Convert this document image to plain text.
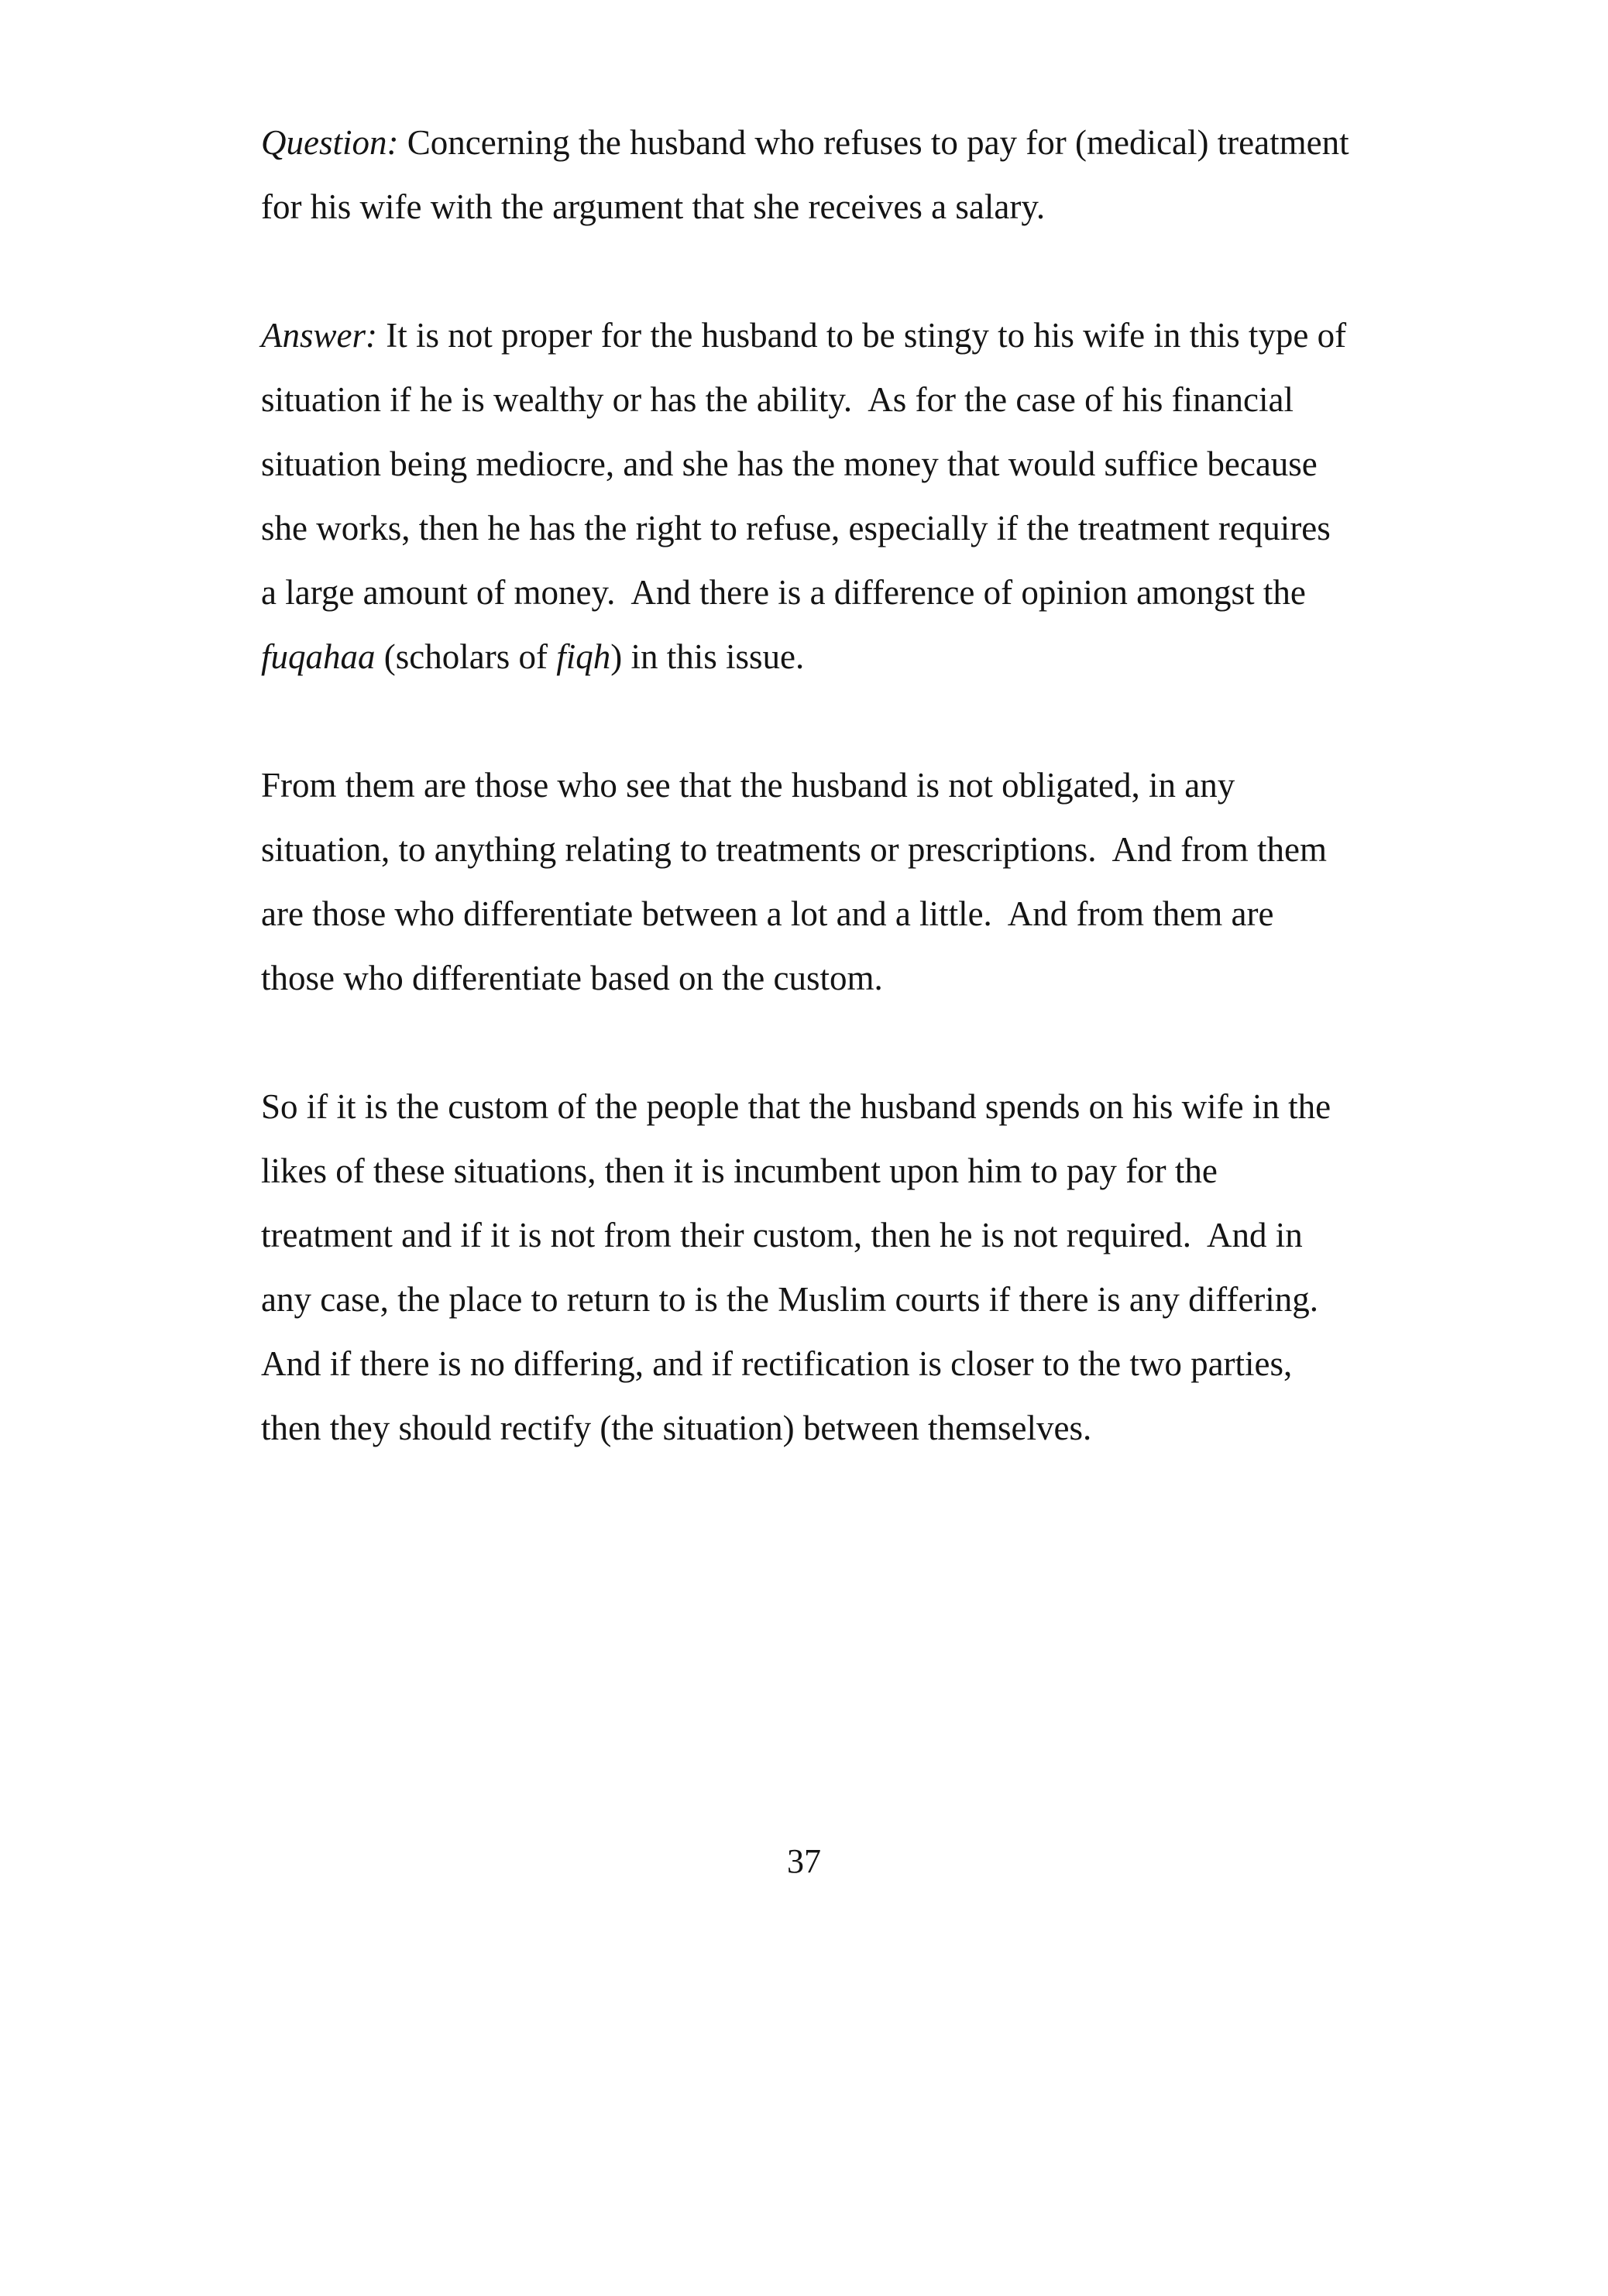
Question: Concerning the husband who refuses to pay for (medical) treatment for his wife with the argument that she receives a salary.

Answer: It is not proper for the husband to be stingy to his wife in this type of situation if he is wealthy or has the ability.  As for the case of his financial situation being mediocre, and she has the money that would suffice because she works, then he has the right to refuse, especially if the treatment requires a large amount of money.  And there is a difference of opinion amongst the fuqahaa (scholars of fiqh) in this issue.

From them are those who see that the husband is not obligated, in any situation, to anything relating to treatments or prescriptions.  And from them are those who differentiate between a lot and a little.  And from them are those who differentiate based on the custom.

So if it is the custom of the people that the husband spends on his wife in the likes of these situations, then it is incumbent upon him to pay for the treatment and if it is not from their custom, then he is not required.  And in any case, the place to return to is the Muslim courts if there is any differing.  And if there is no differing, and if rectification is closer to the two parties, then they should rectify (the situation) between themselves.

37
